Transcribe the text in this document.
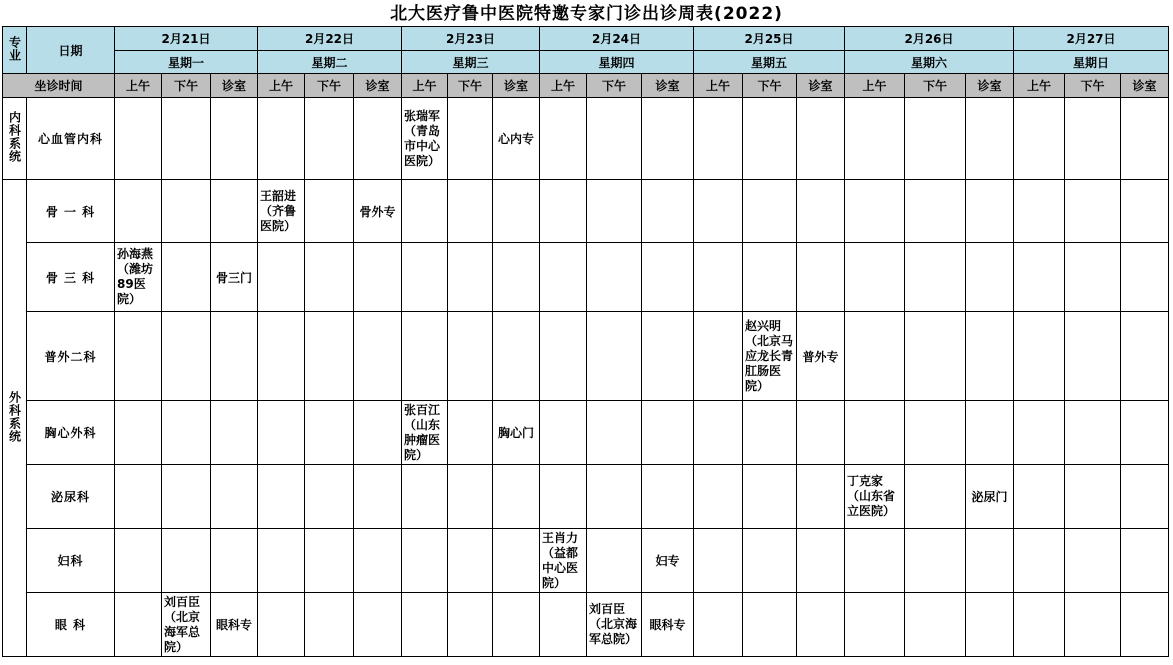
北大医疗鲁中医院特邀专家门诊出诊周表(2022)
专业	日期	2月21日			2月22日			2月23日			2月24日			2月25日			2月26日			2月27日		
		星期一			星期二			星期三			星期四			星期五			星期六			星期日		
坐诊时间		上午	下午	诊室	上午	下午	诊室	上午	下午	诊室	上午	下午	诊室	上午	下午	诊室	上午	下午	诊室	上午	下午	诊室
内科系统	心血管内科							张瑞军（青岛市中心医院）		心内专												
外科系统	骨 一 科				王韶进（齐鲁医院）		骨外专															
	骨 三 科	孙海燕（潍坊89医院）		骨三门																		
	普外二科														赵兴明（北京马应龙长青肛肠医院）	普外专						
	胸心外科							张百江（山东肿瘤医院）		胸心门												
	泌尿科																丁克家（山东省立医院）		泌尿门			
	妇科										王肖力（益都中心医院）		妇专									
	眼 科		刘百臣（北京海军总院）	眼科专								刘百臣（北京海军总院）	眼科专									
